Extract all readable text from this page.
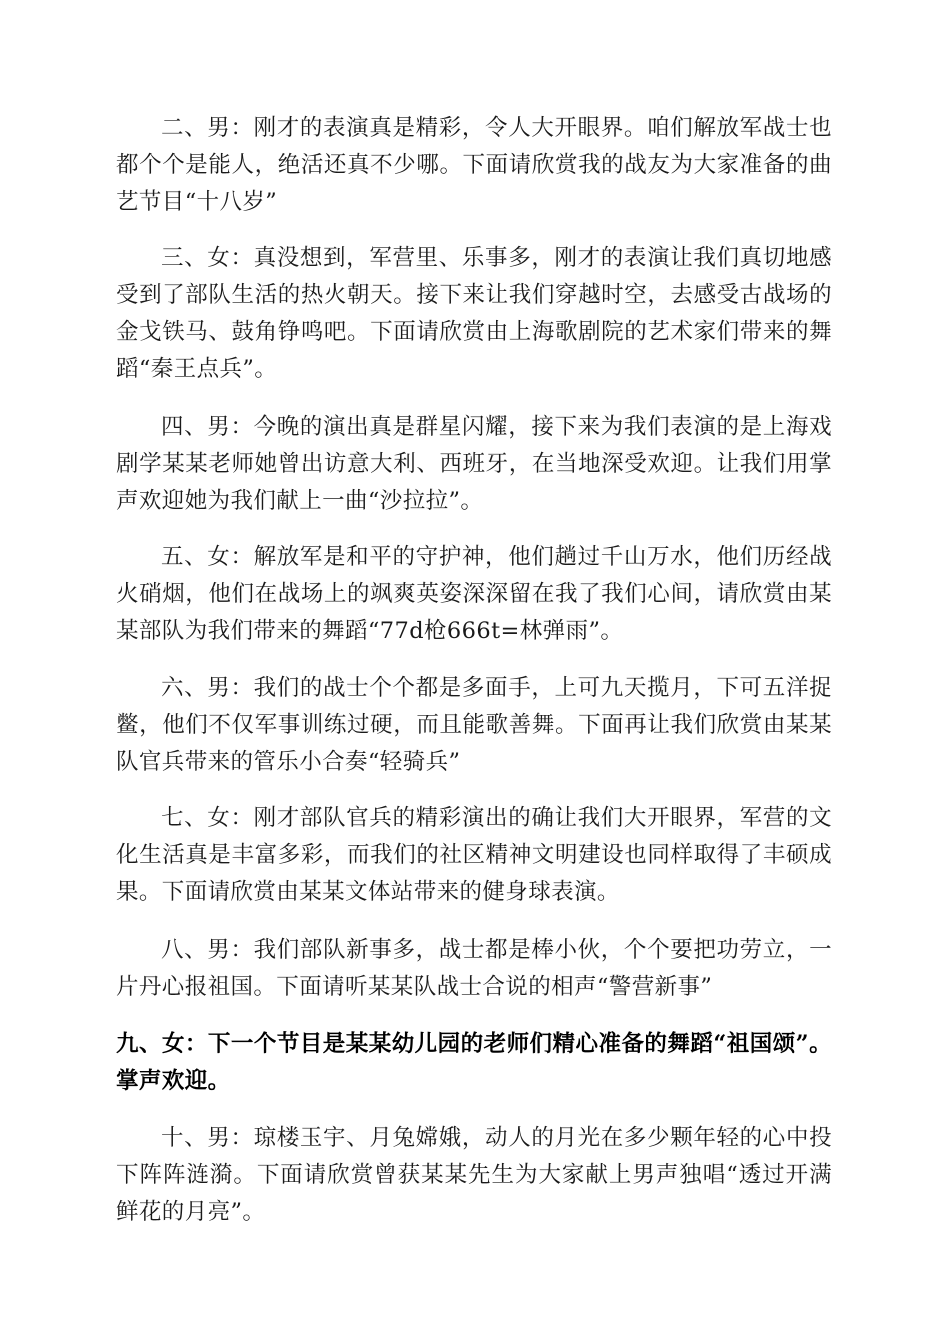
二、男：刚才的表演真是精彩，令人大开眼界。咱们解放军战士也都个个是能人，绝活还真不少哪。下面请欣赏我的战友为大家准备的曲艺节目“十八岁”

三、女：真没想到，军营里、乐事多，刚才的表演让我们真切地感受到了部队生活的热火朝天。接下来让我们穿越时空，去感受古战场的金戈铁马、鼓角铮鸣吧。下面请欣赏由上海歌剧院的艺术家们带来的舞蹈“秦王点兵”。

四、男：今晚的演出真是群星闪耀，接下来为我们表演的是上海戏剧学某某老师她曾出访意大利、西班牙，在当地深受欢迎。让我们用掌声欢迎她为我们献上一曲“沙拉拉”。

五、女：解放军是和平的守护神，他们趟过千山万水，他们历经战火硝烟，他们在战场上的飒爽英姿深深留在我了我们心间，请欣赏由某某部队为我们带来的舞蹈“77d枪666t=林弹雨”。

六、男：我们的战士个个都是多面手，上可九天揽月，下可五洋捉鳖，他们不仅军事训练过硬，而且能歌善舞。下面再让我们欣赏由某某队官兵带来的管乐小合奏“轻骑兵”

七、女：刚才部队官兵的精彩演出的确让我们大开眼界，军营的文化生活真是丰富多彩，而我们的社区精神文明建设也同样取得了丰硕成果。下面请欣赏由某某文体站带来的健身球表演。

八、男：我们部队新事多，战士都是棒小伙，个个要把功劳立，一片丹心报祖国。下面请听某某队战士合说的相声“警营新事”

九、女：下一个节目是某某幼儿园的老师们精心准备的舞蹈“祖国颂”。掌声欢迎。

十、男：琼楼玉宇、月兔嫦娥，动人的月光在多少颗年轻的心中投下阵阵涟漪。下面请欣赏曾获某某先生为大家献上男声独唱“透过开满鲜花的月亮”。
